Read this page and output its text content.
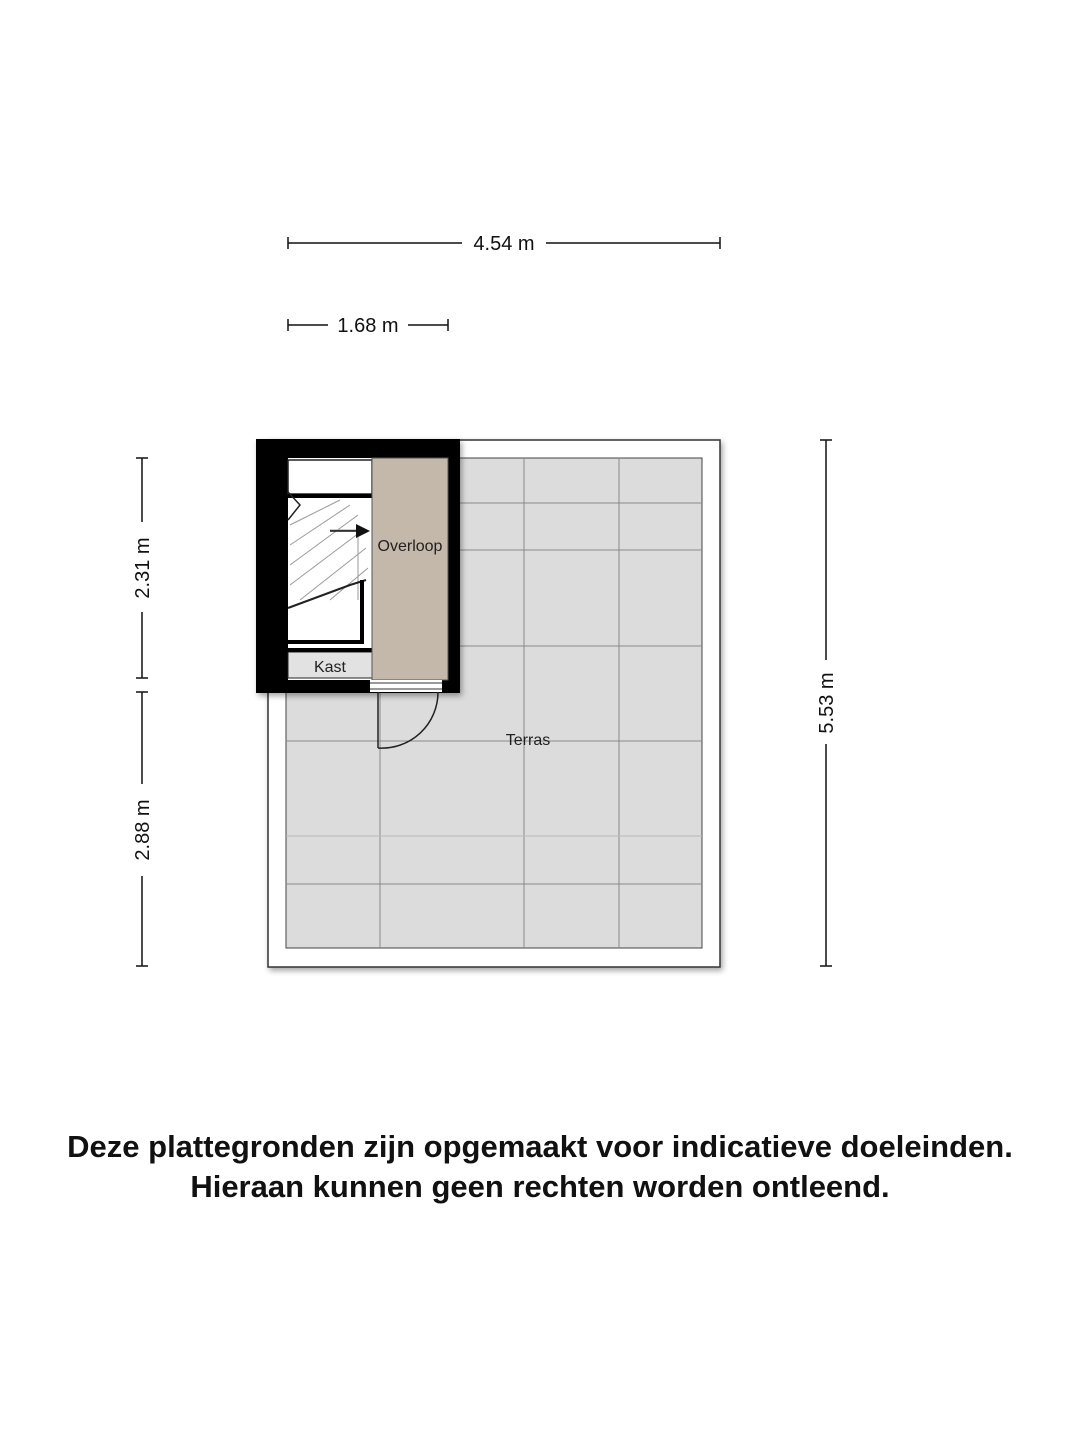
4.54 m
1.68 m
2.31 m
2.88 m
5.53 m
Terras
Kast
Overloop
Deze plattegronden zijn opgemaakt voor indicatieve doeleinden.
Hieraan kunnen geen rechten worden ontleend.
